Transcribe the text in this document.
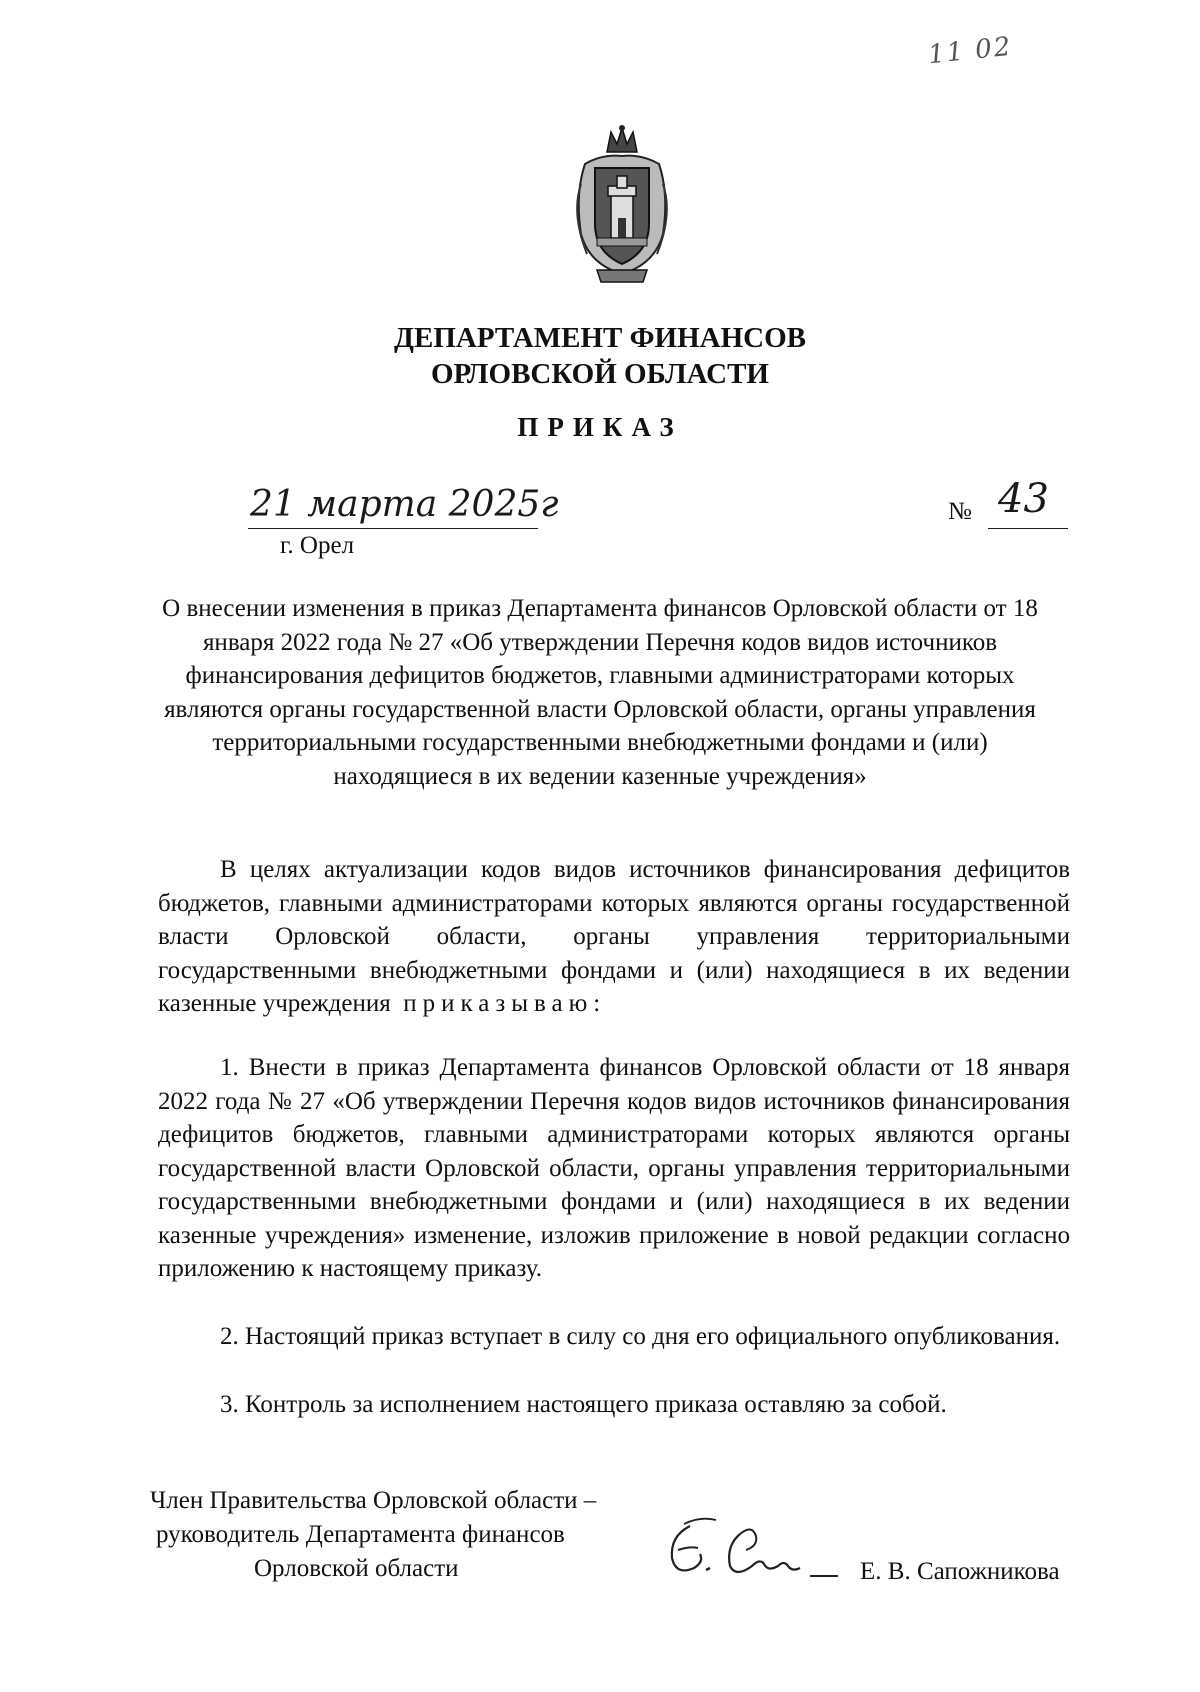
11 02
ДЕПАРТАМЕНТ ФИНАНСОВ
ОРЛОВСКОЙ ОБЛАСТИ
ПРИКАЗ
21 марта 2025г
г. Орел
№ 43
О внесении изменения в приказ Департамента финансов Орловской области от 18 января 2022 года № 27 «Об утверждении Перечня кодов видов источников финансирования дефицитов бюджетов, главными администраторами которых являются органы государственной власти Орловской области, органы управления территориальными государственными внебюджетными фондами и (или) находящиеся в их ведении казенные учреждения»
В целях актуализации кодов видов источников финансирования дефицитов бюджетов, главными администраторами которых являются органы государственной власти Орловской области, органы управления территориальными государственными внебюджетными фондами и (или) находящиеся в их ведении казенные учреждения приказываю:
1. Внести в приказ Департамента финансов Орловской области от 18 января 2022 года № 27 «Об утверждении Перечня кодов видов источников финансирования дефицитов бюджетов, главными администраторами которых являются органы государственной власти Орловской области, органы управления территориальными государственными внебюджетными фондами и (или) находящиеся в их ведении казенные учреждения» изменение, изложив приложение в новой редакции согласно приложению к настоящему приказу.
2. Настоящий приказ вступает в силу со дня его официального опубликования.
3. Контроль за исполнением настоящего приказа оставляю за собой.
Член Правительства Орловской области –
руководитель Департамента финансов
Орловской области	Е. В. Сапожникова
